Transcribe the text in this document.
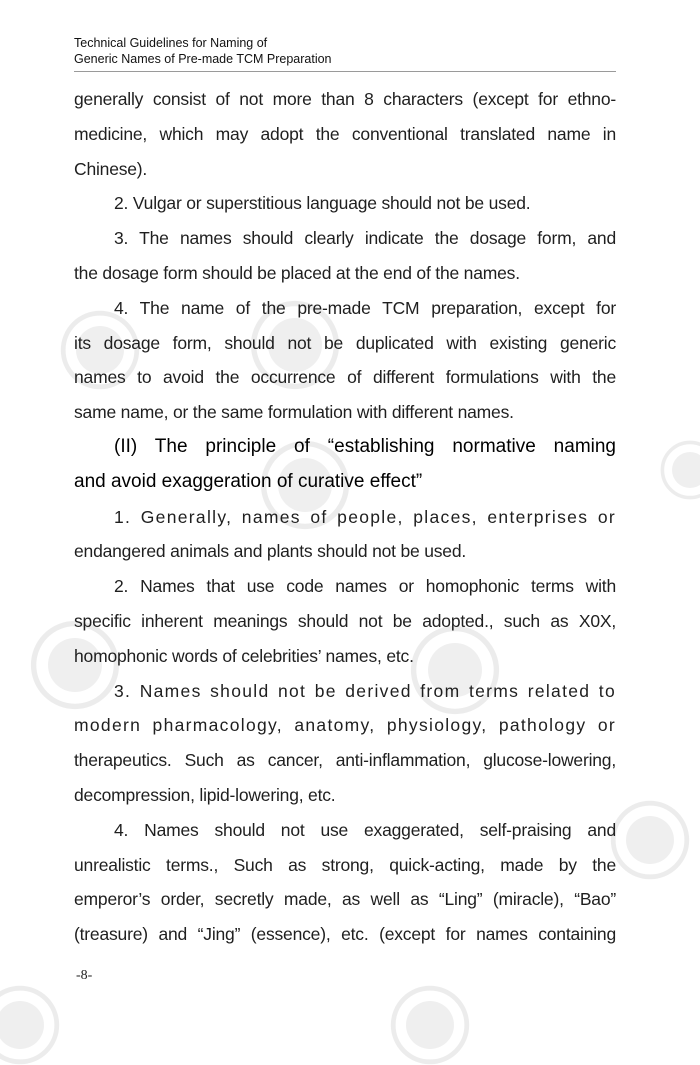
Technical Guidelines for Naming of
Generic Names of Pre-made TCM Preparation
generally consist of not more than 8 characters (except for ethno-
medicine, which may adopt the conventional translated name in
Chinese).
2. Vulgar or superstitious language should not be used.
3. The names should clearly indicate the dosage form, and
the dosage form should be placed at the end of the names.
4. The name of the pre-made TCM preparation, except for
its dosage form, should not be duplicated with existing generic
names to avoid the occurrence of different formulations with the
same name, or the same formulation with different names.
(II) The principle of “establishing normative naming
and avoid exaggeration of curative effect”
1. Generally, names of people, places, enterprises or
endangered animals and plants should not be used.
2. Names that use code names or homophonic terms with
specific inherent meanings should not be adopted., such as X0X,
homophonic words of celebrities’ names, etc.
3. Names should not be derived from terms related to
modern pharmacology, anatomy, physiology, pathology or
therapeutics. Such as cancer, anti-inflammation, glucose-lowering,
decompression, lipid-lowering, etc.
4. Names should not use exaggerated, self-praising and
unrealistic terms., Such as strong, quick-acting, made by the
emperor’s order, secretly made, as well as “Ling” (miracle), “Bao”
(treasure) and “Jing” (essence), etc. (except for names containing
-8-
